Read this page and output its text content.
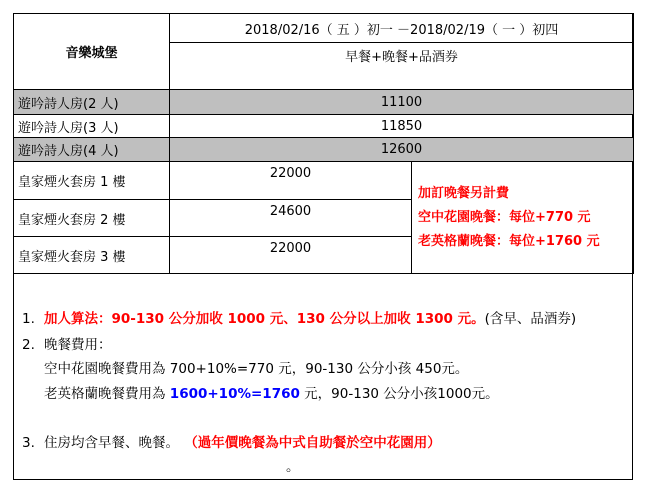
音樂城堡	2018/02/16（ 五 ）初一 －2018/02/19（ 一 ）初四	
	早餐+晚餐+品酒券	
遊吟詩人房(2 人)	11100	
遊吟詩人房(3 人)	11850	
遊吟詩人房(4 人)	12600	
皇家煙火套房 1 樓	22000	加訂晚餐另計費
空中花園晚餐：每位+770 元
老英格蘭晚餐：每位+1760 元

皇家煙火套房 2 樓	24600	
皇家煙火套房 3 樓	22000	
1. 加人算法：90-130 公分加收 1000 元、130 公分以上加收 1300 元。(含早、品酒券)
2. 晚餐費用：
空中花園晚餐費用為 700+10%=770 元，90-130 公分小孩 450元。
老英格蘭晚餐費用為 1600+10%=1760 元，90-130 公分小孩1000元。
3. 住房均含早餐、晚餐。 （過年價晚餐為中式自助餐於空中花園用）
。
